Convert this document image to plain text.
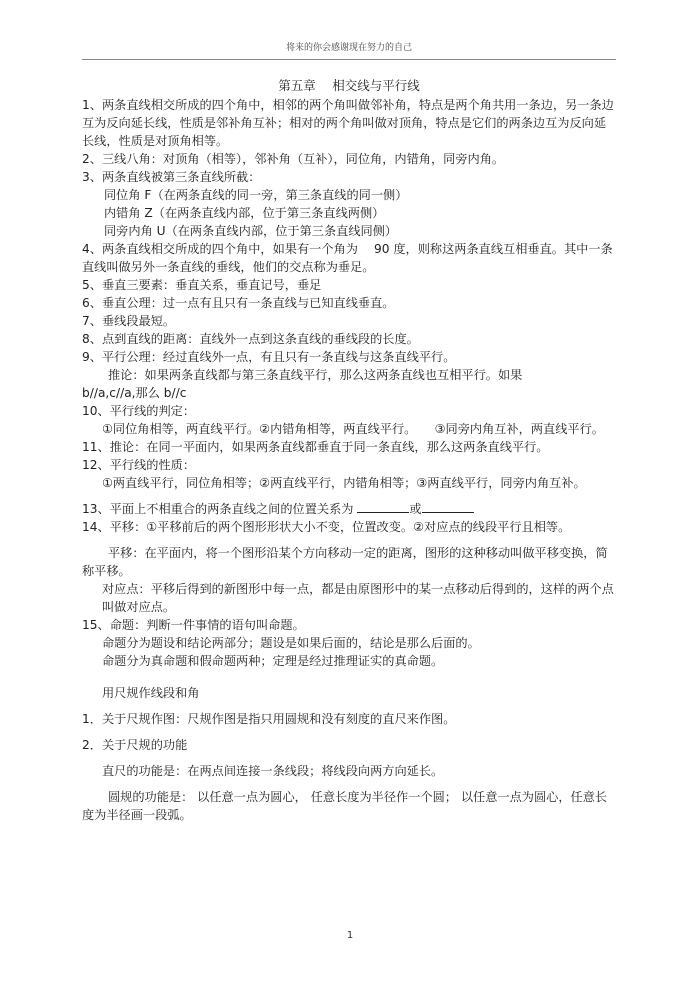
将来的你会感谢现在努力的自己
第五章　 相交线与平行线

1、两条直线相交所成的四个角中，相邻的两个角叫做邻补角，特点是两个角共用一条边，另一条边互为反向延长线，性质是邻补角互补；相对的两个角叫做对顶角，特点是它们的两条边互为反向延长线，性质是对顶角相等。

2、三线八角：对顶角（相等），邻补角（互补），同位角，内错角，同旁内角。

3、两条直线被第三条直线所截：

同位角 F（在两条直线的同一旁，第三条直线的同一侧）

内错角 Z（在两条直线内部，位于第三条直线两侧）

同旁内角 U（在两条直线内部，位于第三条直线同侧）

4、两条直线相交所成的四个角中，如果有一个角为　 90 度，则称这两条直线互相垂直。其中一条直线叫做另外一条直线的垂线，他们的交点称为垂足。

5、垂直三要素：垂直关系，垂直记号，垂足

6、垂直公理：过一点有且只有一条直线与已知直线垂直。

7、垂线段最短。

8、点到直线的距离：直线外一点到这条直线的垂线段的长度。

9、平行公理：经过直线外一点，有且只有一条直线与这条直线平行。

推论：如果两条直线都与第三条直线平行，那么这两条直线也互相平行。如果

b//a,c//a,那么 b//c

10、平行线的判定：

①同位角相等，两直线平行。②内错角相等，两直线平行。　　③同旁内角互补，两直线平行。

11、推论：在同一平面内，如果两条直线都垂直于同一条直线，那么这两条直线平行。

12、平行线的性质：

①两直线平行，同位角相等；②两直线平行，内错角相等；③两直线平行，同旁内角互补。

13、平面上不相重合的两条直线之间的位置关系为	或

14、平移：①平移前后的两个图形形状大小不变，位置改变。②对应点的线段平行且相等。

平移：在平面内，将一个图形沿某个方向移动一定的距离，图形的这种移动叫做平移变换，简称平移。

对应点：平移后得到的新图形中每一点，都是由原图形中的某一点移动后得到的，这样的两个点叫做对应点。

15、命题：判断一件事情的语句叫命题。

命题分为题设和结论两部分；题设是如果后面的，结论是那么后面的。

命题分为真命题和假命题两种；定理是经过推理证实的真命题。

用尺规作线段和角

1．关于尺规作图：尺规作图是指只用圆规和没有刻度的直尺来作图。

2．关于尺规的功能

直尺的功能是：在两点间连接一条线段；将线段向两方向延长。

圆规的功能是： 以任意一点为圆心， 任意长度为半径作一个圆； 以任意一点为圆心，任意长度为半径画一段弧。

1
